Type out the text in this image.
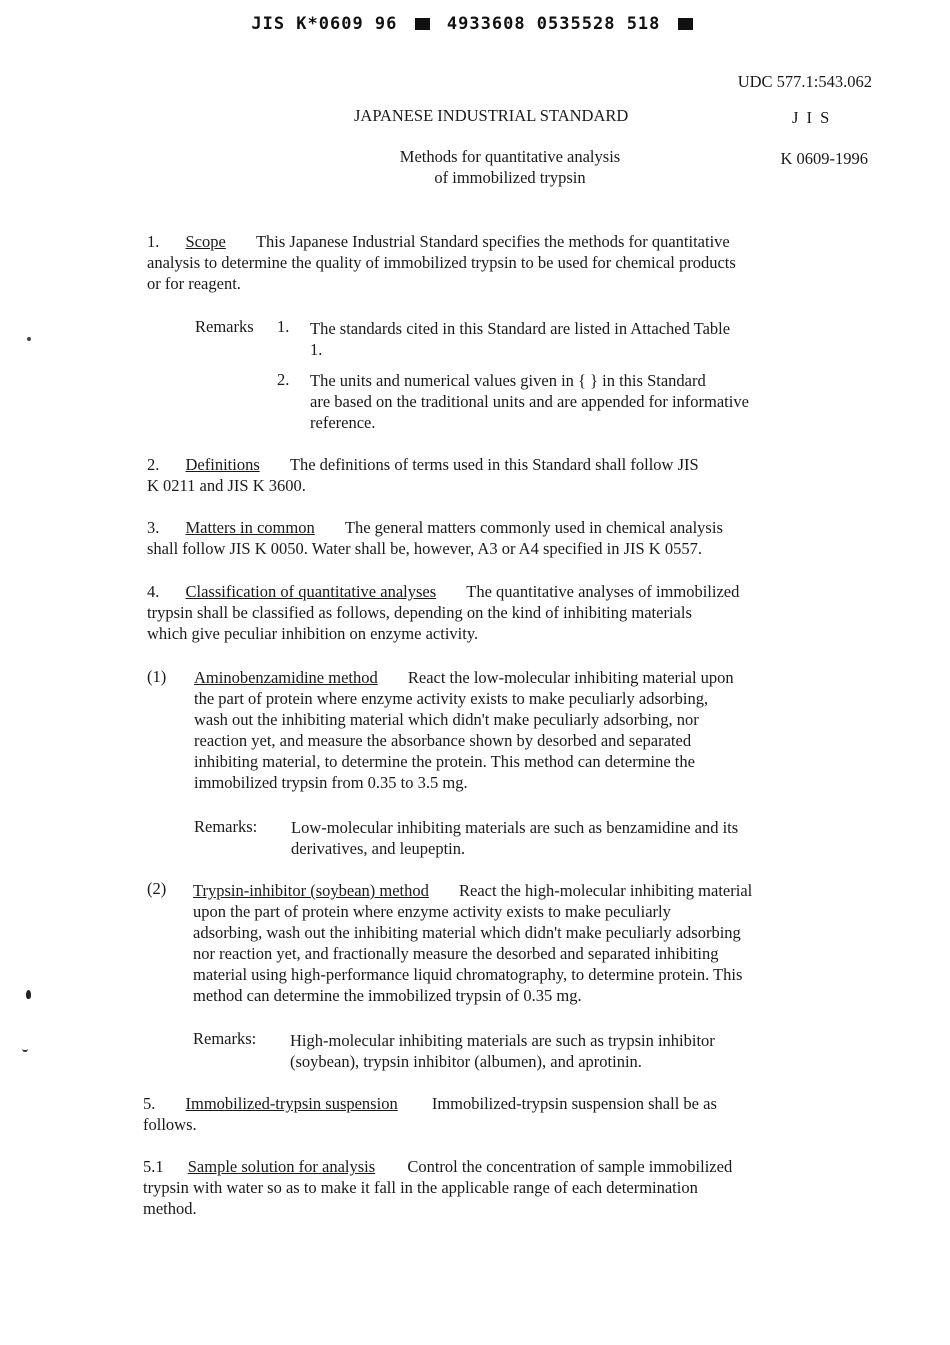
JIS K*0609 96	4933608 0535528 518
UDC 577.1:543.062
JAPANESE INDUSTRIAL STANDARD	J I S
Methods for quantitative analysis
of immobilized trypsin
K 0609-1996
1. Scope This Japanese Industrial Standard specifies the methods for quantitative
analysis to determine the quality of immobilized trypsin to be used for chemical products
or for reagent.
Remarks 1. The standards cited in this Standard are listed in Attached Table
1.
2. The units and numerical values given in { } in this Standard
are based on the traditional units and are appended for informative
reference.
2. Definitions The definitions of terms used in this Standard shall follow JIS
K 0211 and JIS K 3600.
3. Matters in common The general matters commonly used in chemical analysis
shall follow JIS K 0050. Water shall be, however, A3 or A4 specified in JIS K 0557.
4. Classification of quantitative analyses The quantitative analyses of immobilized
trypsin shall be classified as follows, depending on the kind of inhibiting materials
which give peculiar inhibition on enzyme activity.
(1) Aminobenzamidine method React the low-molecular inhibiting material upon
the part of protein where enzyme activity exists to make peculiarly adsorbing,
wash out the inhibiting material which didn't make peculiarly adsorbing, nor
reaction yet, and measure the absorbance shown by desorbed and separated
inhibiting material, to determine the protein. This method can determine the
immobilized trypsin from 0.35 to 3.5 mg.
Remarks: Low-molecular inhibiting materials are such as benzamidine and its
derivatives, and leupeptin.
(2) Trypsin-inhibitor (soybean) method React the high-molecular inhibiting material
upon the part of protein where enzyme activity exists to make peculiarly
adsorbing, wash out the inhibiting material which didn't make peculiarly adsorbing
nor reaction yet, and fractionally measure the desorbed and separated inhibiting
material using high-performance liquid chromatography, to determine protein. This
method can determine the immobilized trypsin of 0.35 mg.
Remarks: High-molecular inhibiting materials are such as trypsin inhibitor
(soybean), trypsin inhibitor (albumen), and aprotinin.
5. Immobilized-trypsin suspension Immobilized-trypsin suspension shall be as
follows.
5.1 Sample solution for analysis Control the concentration of sample immobilized
trypsin with water so as to make it fall in the applicable range of each determination
method.
